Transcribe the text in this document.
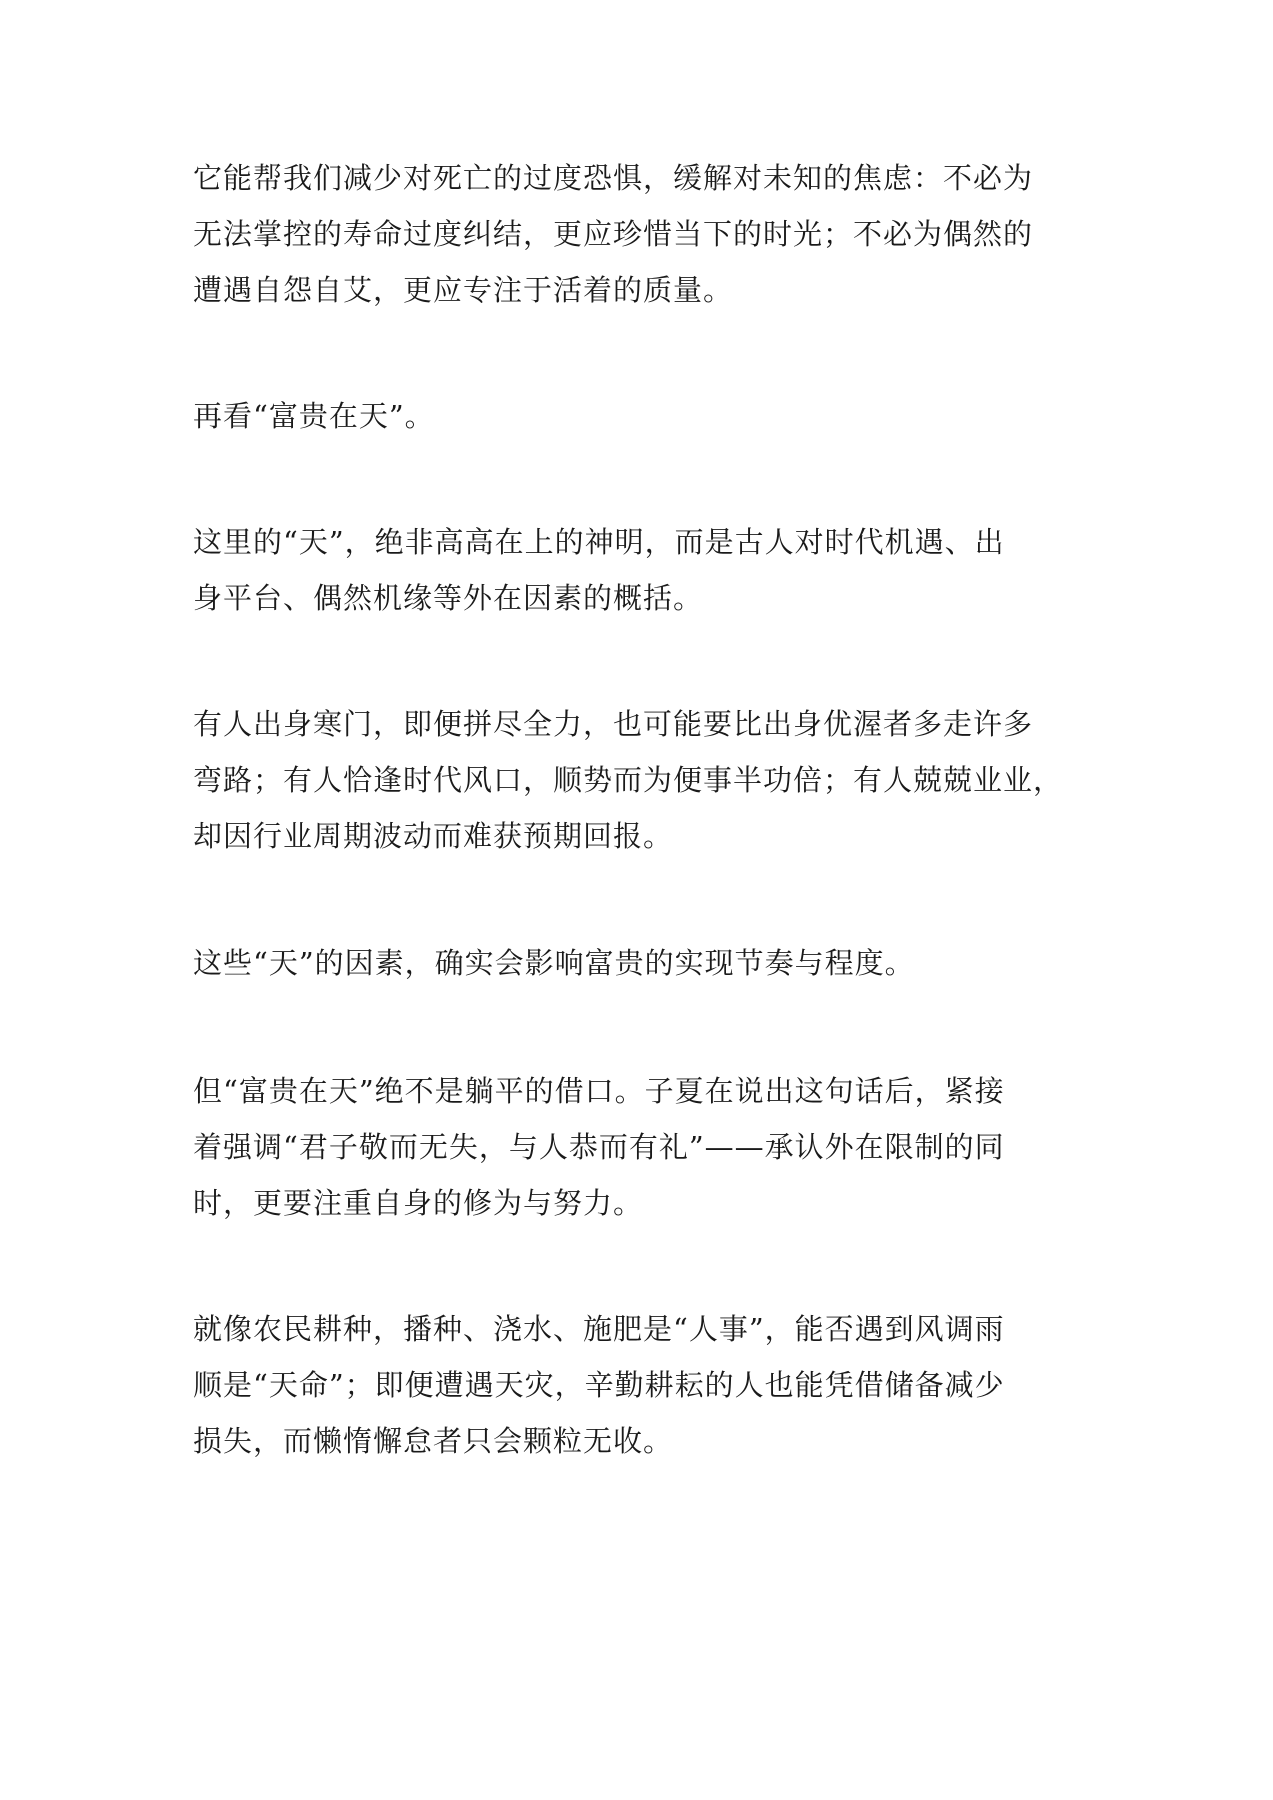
它能帮我们减少对死亡的过度恐惧，缓解对未知的焦虑：不必为
无法掌控的寿命过度纠结，更应珍惜当下的时光；不必为偶然的
遭遇自怨自艾，更应专注于活着的质量。
再看“富贵在天”。
这里的“天”，绝非高高在上的神明，而是古人对时代机遇、出
身平台、偶然机缘等外在因素的概括。
有人出身寒门，即便拼尽全力，也可能要比出身优渥者多走许多
弯路；有人恰逢时代风口，顺势而为便事半功倍；有人兢兢业业，
却因行业周期波动而难获预期回报。
这些“天”的因素，确实会影响富贵的实现节奏与程度。
但“富贵在天”绝不是躺平的借口。子夏在说出这句话后，紧接
着强调“君子敬而无失，与人恭而有礼”——承认外在限制的同
时，更要注重自身的修为与努力。
就像农民耕种，播种、浇水、施肥是“人事”，能否遇到风调雨
顺是“天命”；即便遭遇天灾，辛勤耕耘的人也能凭借储备减少
损失，而懒惰懈怠者只会颗粒无收。
